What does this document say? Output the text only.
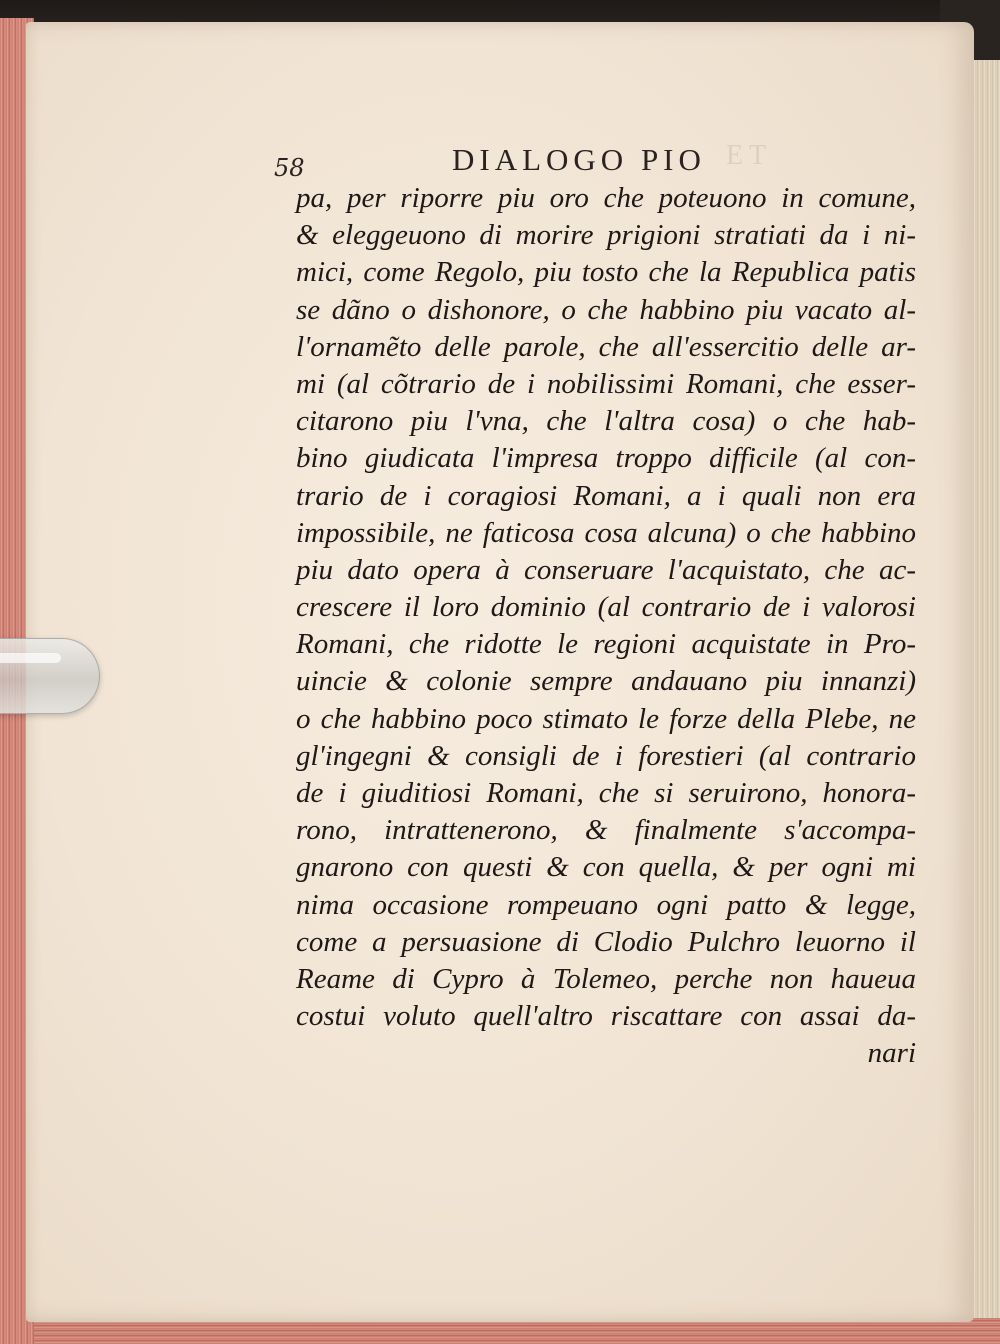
ET
58	DIALOGO PIO
pa, per riporre piu oro che poteuono in comune,
& eleggeuono di morire prigioni stratiati da i ni-
mici, come Regolo, piu tosto che la Republica patis
se dãno o dishonore, o che habbino piu vacato al-
l'ornamẽto delle parole, che all'essercitio delle ar-
mi (al cõtrario de i nobilissimi Romani, che esser-
citarono piu l'vna, che l'altra cosa) o che hab-
bino giudicata l'impresa troppo difficile (al con-
trario de i coragiosi Romani, a i quali non era
impossibile, ne faticosa cosa alcuna) o che habbino
piu dato opera à conseruare l'acquistato, che ac-
crescere il loro dominio (al contrario de i valorosi
Romani, che ridotte le regioni acquistate in Pro-
uincie & colonie sempre andauano piu innanzi)
o che habbino poco stimato le forze della Plebe, ne
gl'ingegni & consigli de i forestieri (al contrario
de i giuditiosi Romani, che si seruirono, honora-
rono, intrattenerono, & finalmente s'accompa-
gnarono con questi & con quella, & per ogni mi
nima occasione rompeuano ogni patto & legge,
come a persuasione di Clodio Pulchro leuorno il
Reame di Cypro à Tolemeo, perche non haueua
costui voluto quell'altro riscattare con assai da-
nari
